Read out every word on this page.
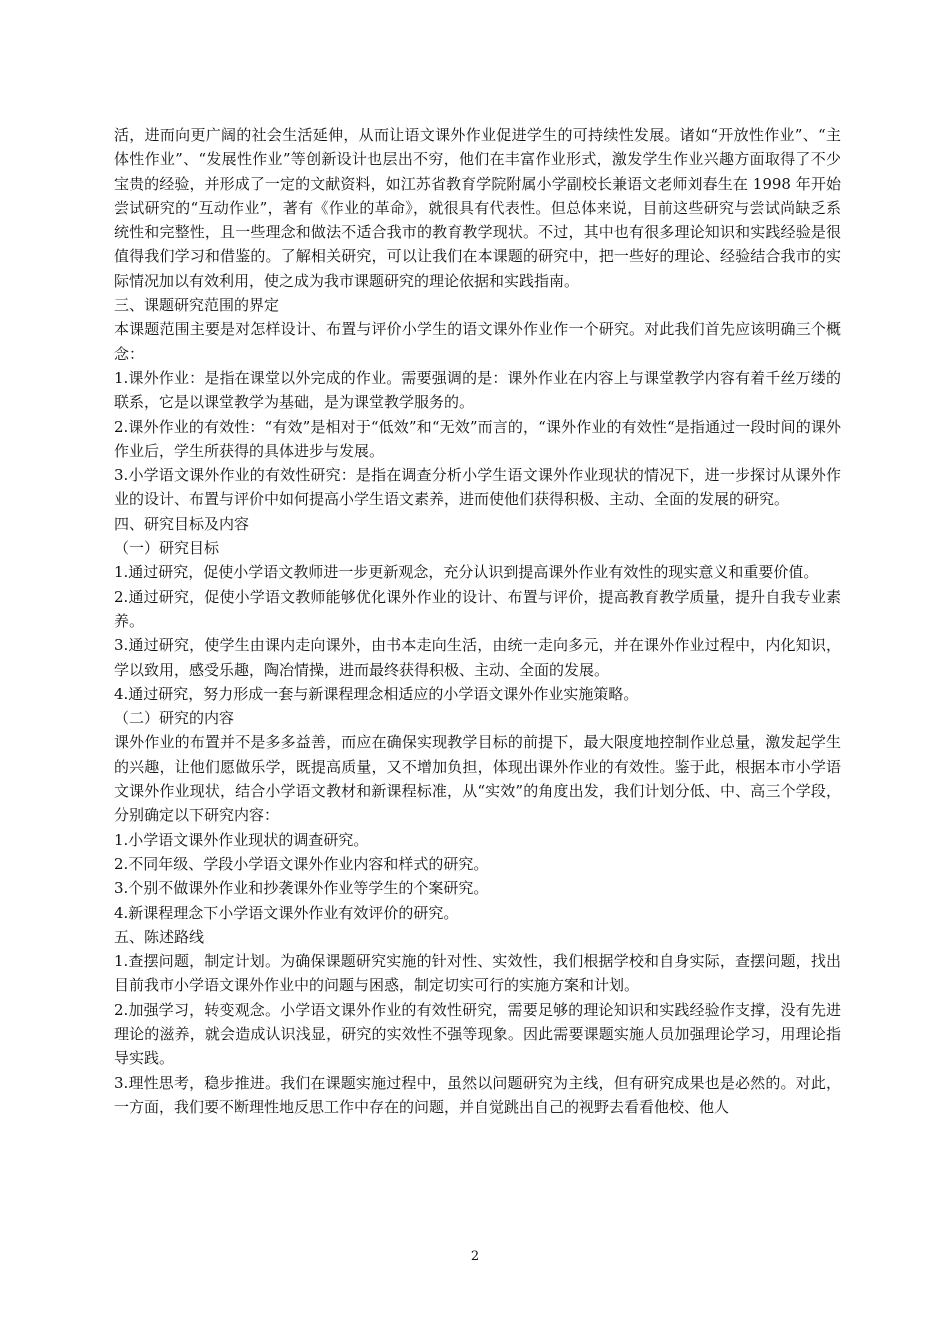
活，进而向更广阔的社会生活延伸，从而让语文课外作业促进学生的可持续性发展。诸如“开放性作业”、“主体性作业”、“发展性作业”等创新设计也层出不穷，他们在丰富作业形式，激发学生作业兴趣方面取得了不少宝贵的经验，并形成了一定的文献资料，如江苏省教育学院附属小学副校长兼语文老师刘春生在 1998 年开始尝试研究的“互动作业”，著有《作业的革命》，就很具有代表性。但总体来说，目前这些研究与尝试尚缺乏系统性和完整性，且一些理念和做法不适合我市的教育教学现状。不过，其中也有很多理论知识和实践经验是很值得我们学习和借鉴的。了解相关研究，可以让我们在本课题的研究中，把一些好的理论、经验结合我市的实际情况加以有效利用，使之成为我市课题研究的理论依据和实践指南。

三、课题研究范围的界定

本课题范围主要是对怎样设计、布置与评价小学生的语文课外作业作一个研究。对此我们首先应该明确三个概念：

1.课外作业：是指在课堂以外完成的作业。需要强调的是：课外作业在内容上与课堂教学内容有着千丝万缕的联系，它是以课堂教学为基础，是为课堂教学服务的。

2.课外作业的有效性：“有效”是相对于“低效”和“无效”而言的，“课外作业的有效性“是指通过一段时间的课外作业后，学生所获得的具体进步与发展。

3.小学语文课外作业的有效性研究：是指在调查分析小学生语文课外作业现状的情况下，进一步探讨从课外作业的设计、布置与评价中如何提高小学生语文素养，进而使他们获得积极、主动、全面的发展的研究。

四、研究目标及内容

（一）研究目标

1.通过研究，促使小学语文教师进一步更新观念，充分认识到提高课外作业有效性的现实意义和重要价值。

2.通过研究，促使小学语文教师能够优化课外作业的设计、布置与评价，提高教育教学质量，提升自我专业素养。

3.通过研究，使学生由课内走向课外，由书本走向生活，由统一走向多元，并在课外作业过程中，内化知识，学以致用，感受乐趣，陶冶情操，进而最终获得积极、主动、全面的发展。

4.通过研究，努力形成一套与新课程理念相适应的小学语文课外作业实施策略。

（二）研究的内容

课外作业的布置并不是多多益善，而应在确保实现教学目标的前提下，最大限度地控制作业总量，激发起学生的兴趣，让他们愿做乐学，既提高质量，又不增加负担，体现出课外作业的有效性。鉴于此，根据本市小学语文课外作业现状，结合小学语文教材和新课程标准，从“实效”的角度出发，我们计划分低、中、高三个学段，分别确定以下研究内容：

1.小学语文课外作业现状的调查研究。

2.不同年级、学段小学语文课外作业内容和样式的研究。

3.个别不做课外作业和抄袭课外作业等学生的个案研究。

4.新课程理念下小学语文课外作业有效评价的研究。

五、陈述路线

1.查摆问题，制定计划。为确保课题研究实施的针对性、实效性，我们根据学校和自身实际，查摆问题，找出目前我市小学语文课外作业中的问题与困惑，制定切实可行的实施方案和计划。

2.加强学习，转变观念。小学语文课外作业的有效性研究，需要足够的理论知识和实践经验作支撑，没有先进理论的滋养，就会造成认识浅显，研究的实效性不强等现象。因此需要课题实施人员加强理论学习，用理论指导实践。

3.理性思考，稳步推进。我们在课题实施过程中，虽然以问题研究为主线，但有研究成果也是必然的。对此，一方面，我们要不断理性地反思工作中存在的问题，并自觉跳出自己的视野去看看他校、他人

2
